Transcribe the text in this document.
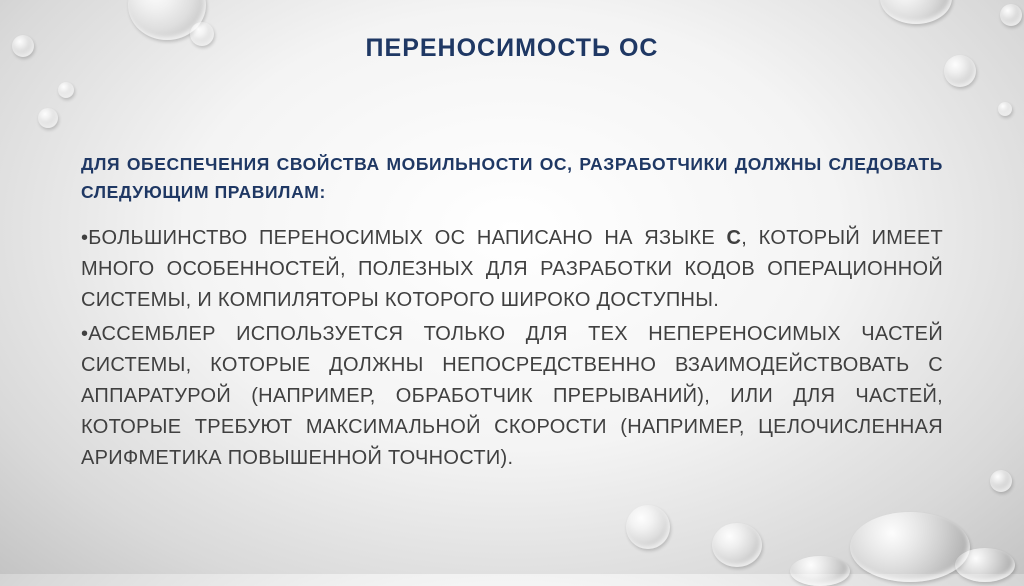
ПЕРЕНОСИМОСТЬ ОС
ДЛЯ ОБЕСПЕЧЕНИЯ СВОЙСТВА МОБИЛЬНОСТИ ОС, РАЗРАБОТЧИКИ ДОЛЖНЫ СЛЕДОВАТЬ СЛЕДУЮЩИМ ПРАВИЛАМ:
•БОЛЬШИНСТВО ПЕРЕНОСИМЫХ ОС НАПИСАНО НА ЯЗЫКЕ С, КОТОРЫЙ ИМЕЕТ МНОГО ОСОБЕННОСТЕЙ, ПОЛЕЗНЫХ ДЛЯ РАЗРАБОТКИ КОДОВ ОПЕРАЦИОННОЙ СИСТЕМЫ, И КОМПИЛЯТОРЫ КОТОРОГО ШИРОКО ДОСТУПНЫ.
•АССЕМБЛЕР ИСПОЛЬЗУЕТСЯ ТОЛЬКО ДЛЯ ТЕХ НЕПЕРЕНОСИМЫХ ЧАСТЕЙ СИСТЕМЫ, КОТОРЫЕ ДОЛЖНЫ НЕПОСРЕДСТВЕННО ВЗАИМОДЕЙСТВОВАТЬ С АППАРАТУРОЙ (НАПРИМЕР, ОБРАБОТЧИК ПРЕРЫВАНИЙ), ИЛИ ДЛЯ ЧАСТЕЙ, КОТОРЫЕ ТРЕБУЮТ МАКСИМАЛЬНОЙ СКОРОСТИ (НАПРИМЕР, ЦЕЛОЧИСЛЕННАЯ АРИФМЕТИКА ПОВЫШЕННОЙ ТОЧНОСТИ).
